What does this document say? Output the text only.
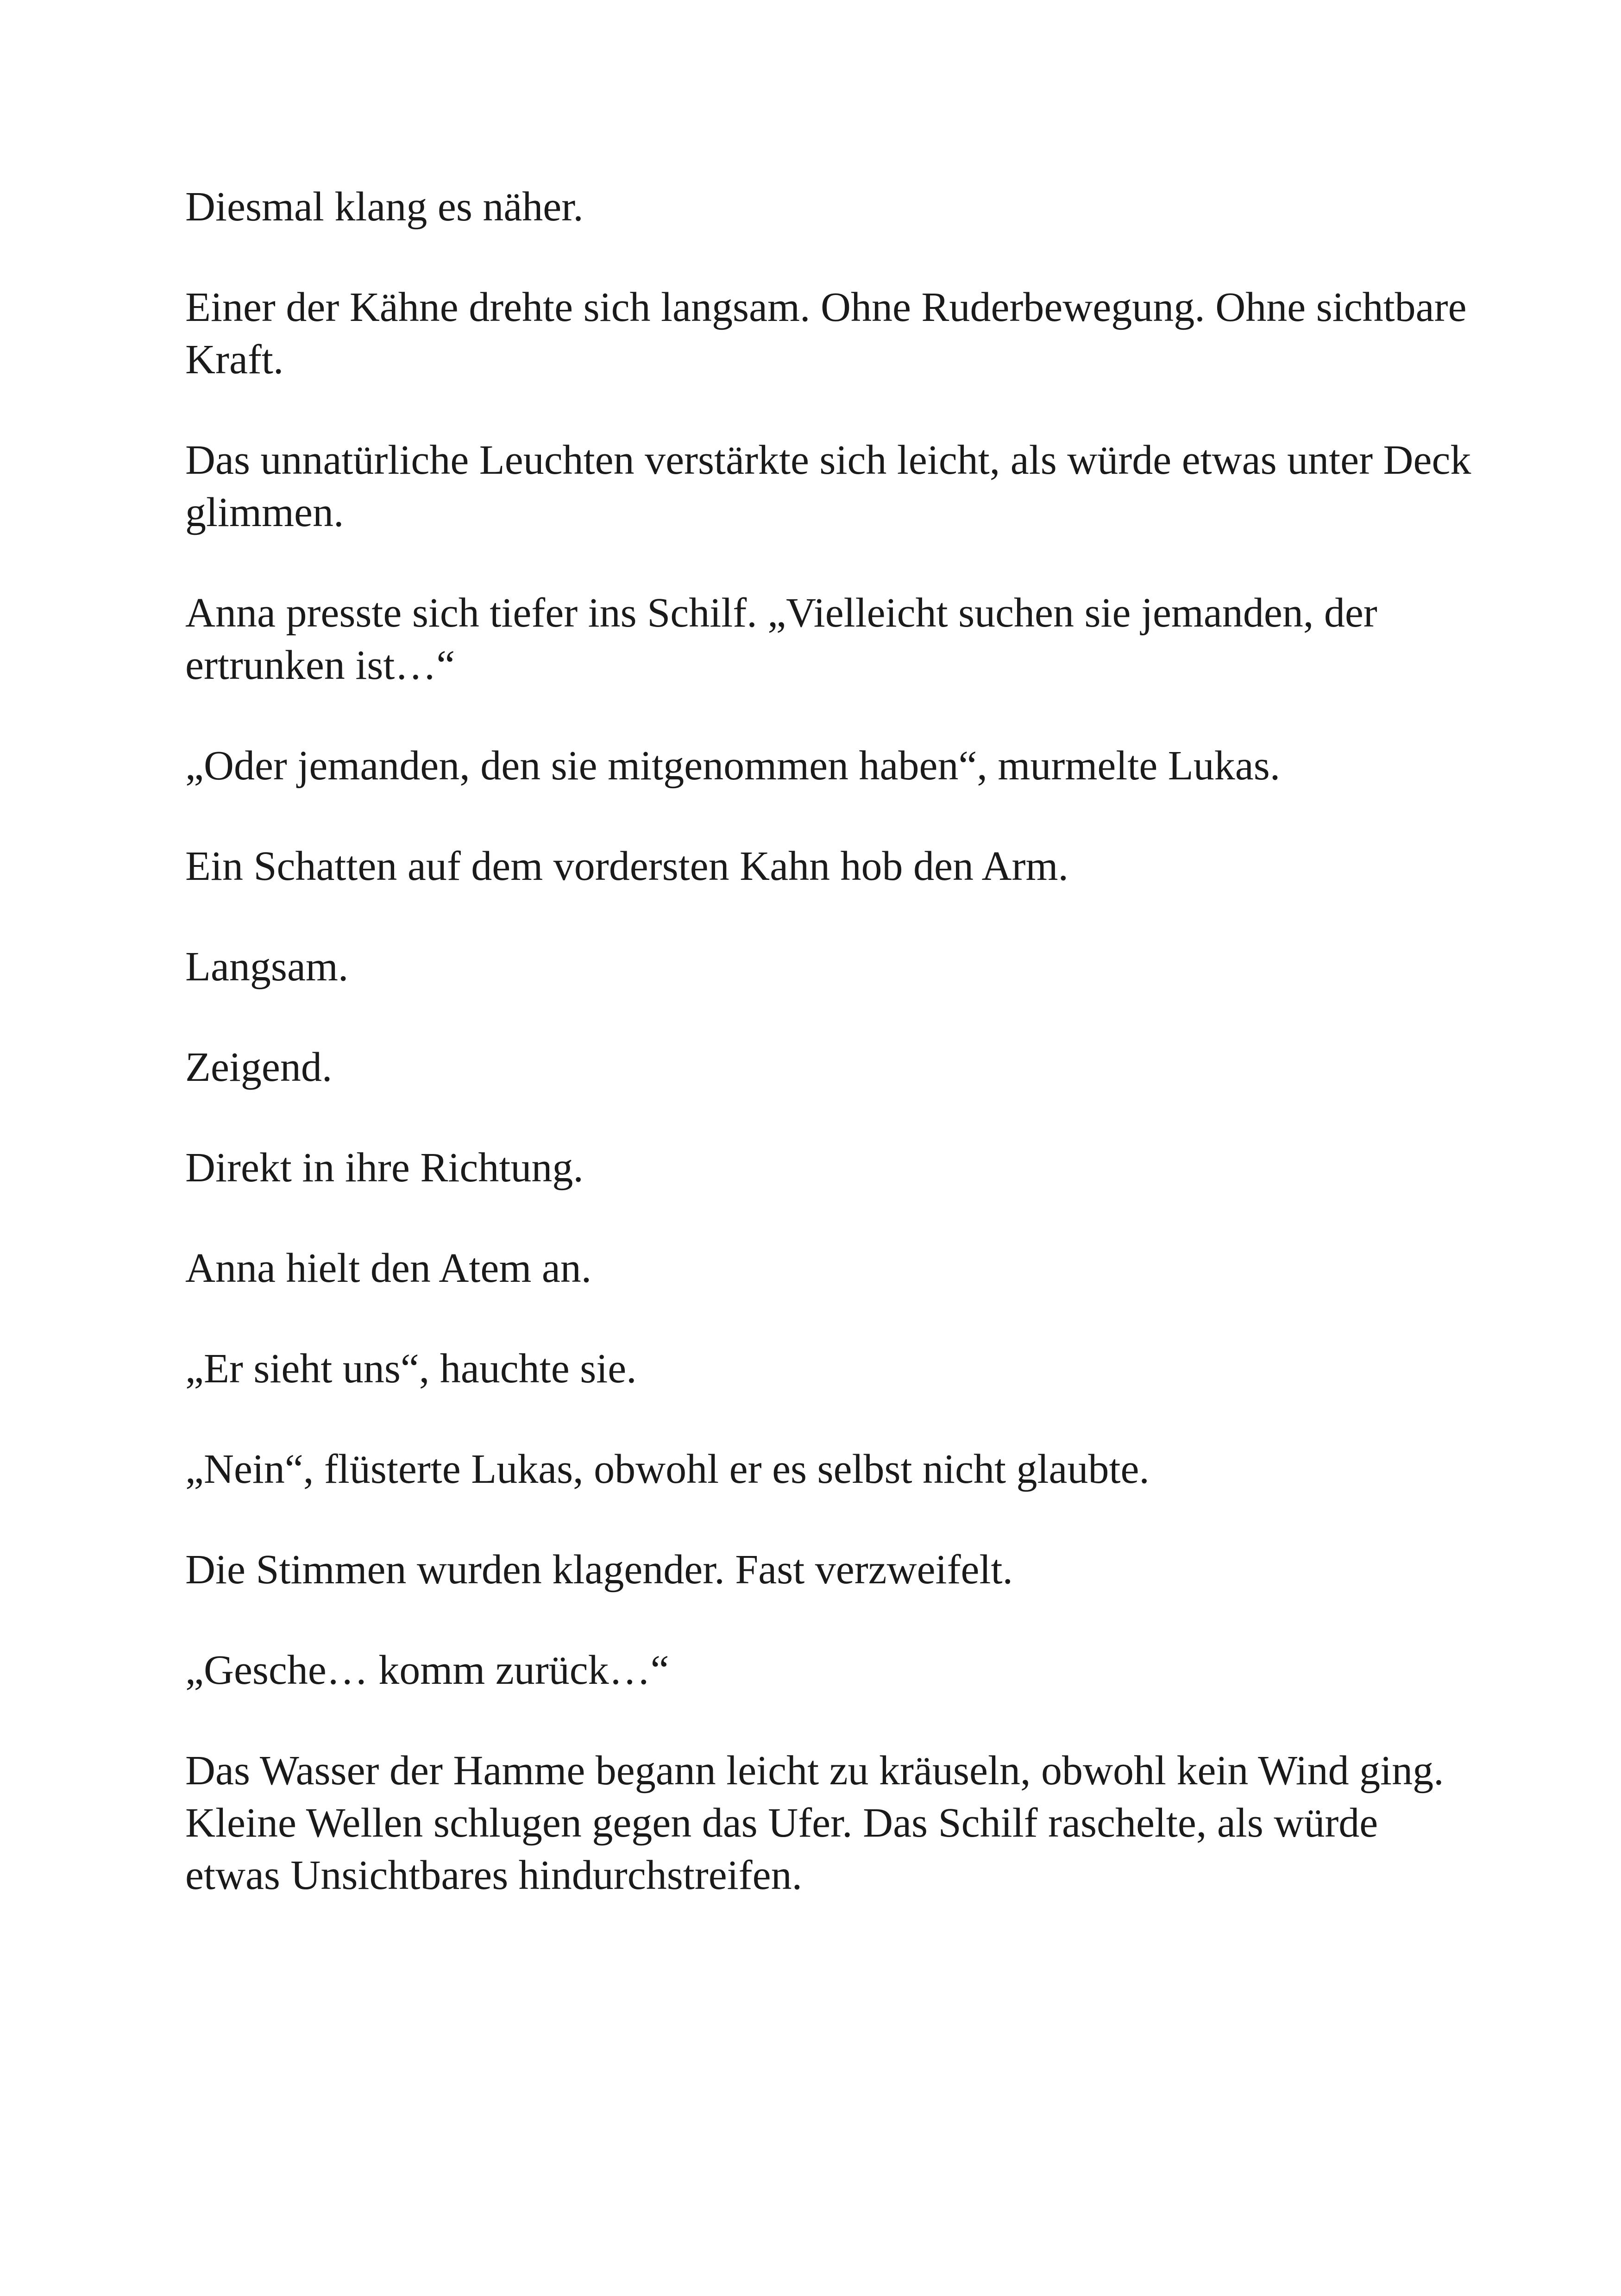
Diesmal klang es näher.

Einer der Kähne drehte sich langsam. Ohne Ruderbewegung. Ohne sichtbare Kraft.

Das unnatürliche Leuchten verstärkte sich leicht, als würde etwas unter Deck glimmen.

Anna presste sich tiefer ins Schilf. „Vielleicht suchen sie jemanden, der ertrunken ist…“

„Oder jemanden, den sie mitgenommen haben“, murmelte Lukas.

Ein Schatten auf dem vordersten Kahn hob den Arm.

Langsam.

Zeigend.

Direkt in ihre Richtung.

Anna hielt den Atem an.

„Er sieht uns“, hauchte sie.

„Nein“, flüsterte Lukas, obwohl er es selbst nicht glaubte.

Die Stimmen wurden klagender. Fast verzweifelt.

„Gesche… komm zurück…“

Das Wasser der Hamme begann leicht zu kräuseln, obwohl kein Wind ging. Kleine Wellen schlugen gegen das Ufer. Das Schilf raschelte, als würde etwas Unsichtbares hindurchstreifen.
